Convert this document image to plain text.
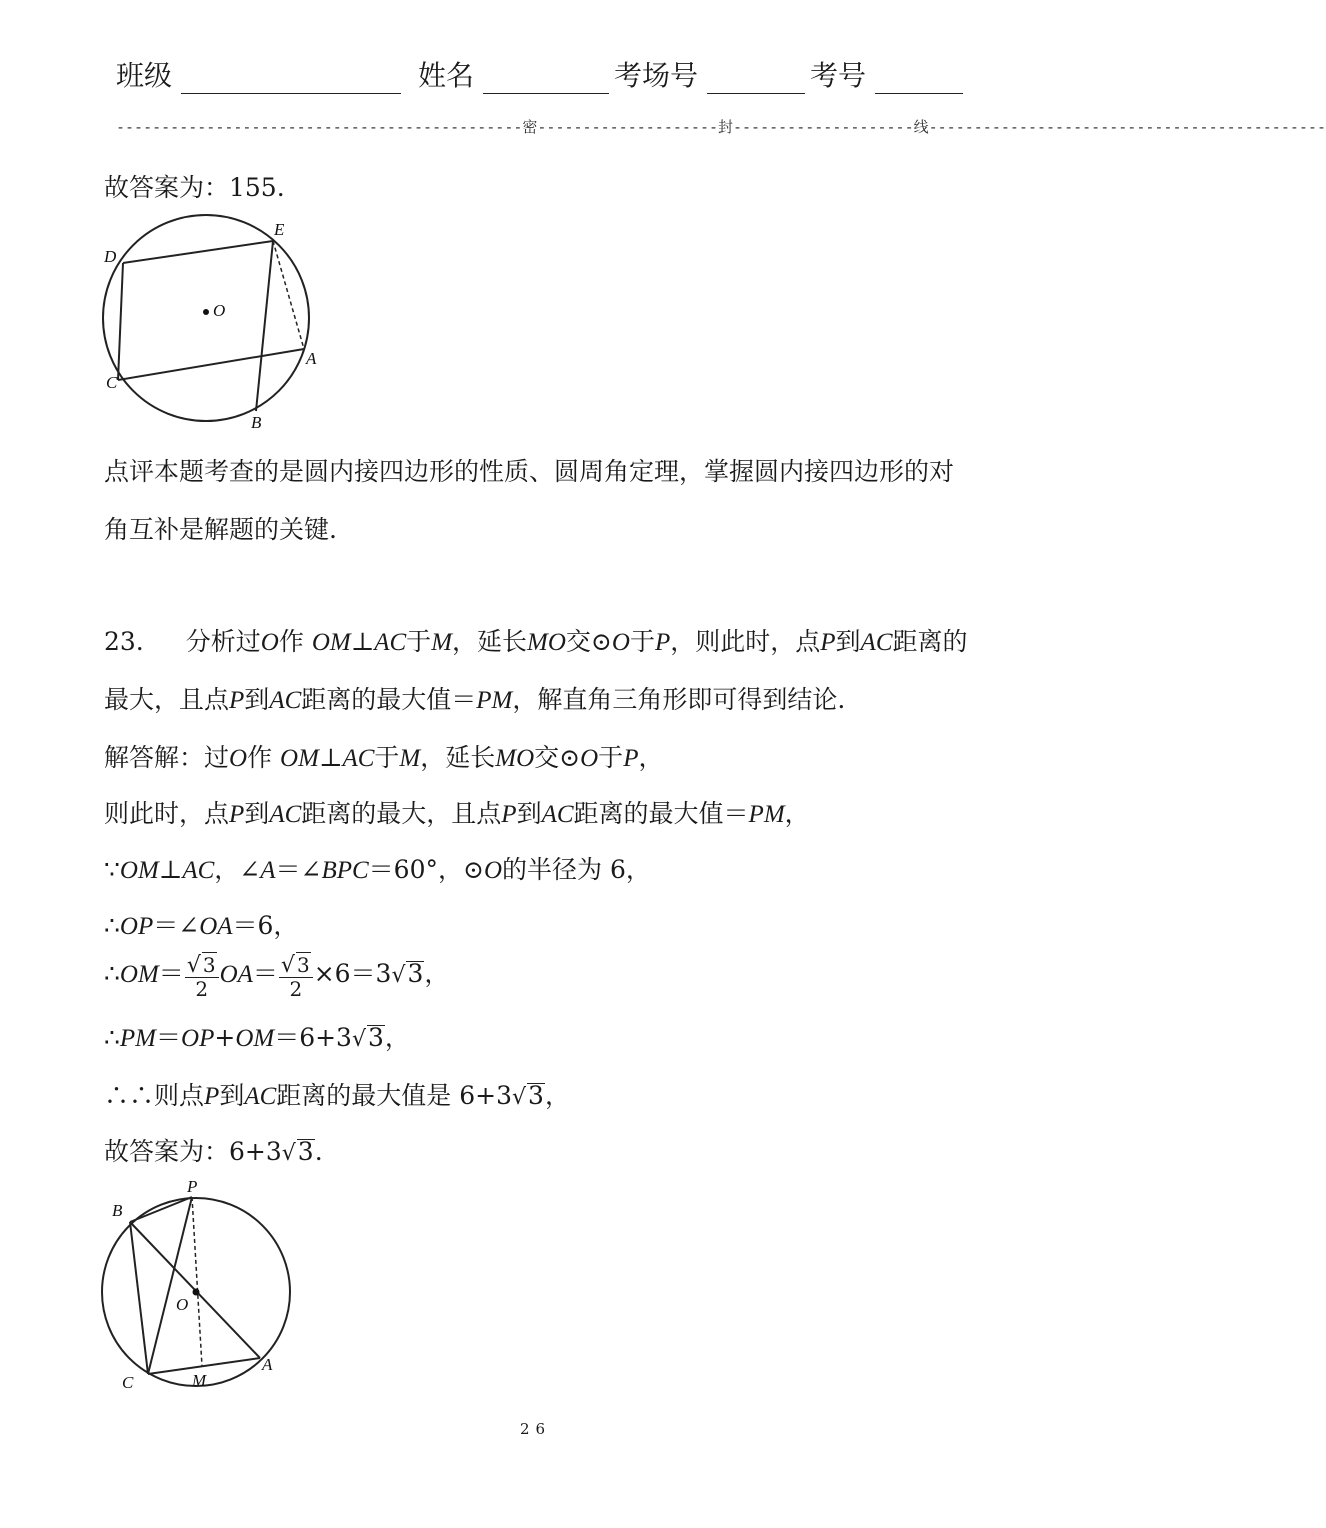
班级	姓名	考场号	考号
---------------------------------------------密--------------------封--------------------线--------------------------------------------
故答案为：155.
O
D
E
A
C
B
点评本题考查的是圆内接四边形的性质、圆周角定理，掌握圆内接四边形的对
角互补是解题的关键.
23. 分析过O作 OM⊥AC于M，延长MO交⊙O于P，则此时，点P到AC距离的
最大，且点P到AC距离的最大值＝PM，解直角三角形即可得到结论.
解答解：过O作 OM⊥AC于M，延长MO交⊙O于P，
则此时，点P到AC距离的最大，且点P到AC距离的最大值＝PM，
∵OM⊥AC，∠A＝∠BPC＝60°，⊙O的半径为 6，
∴OP＝∠OA＝6，
∴OM＝ $\frac{√ 3}{2} OA= \frac{√ 3}{2} \times 6=3√3$，
∴PM＝OP+OM＝6+3√3，
∴∴则点P到AC距离的最大值是 6+3√3，
故答案为：6+3√3.
B
P
O
C	M
A
26
